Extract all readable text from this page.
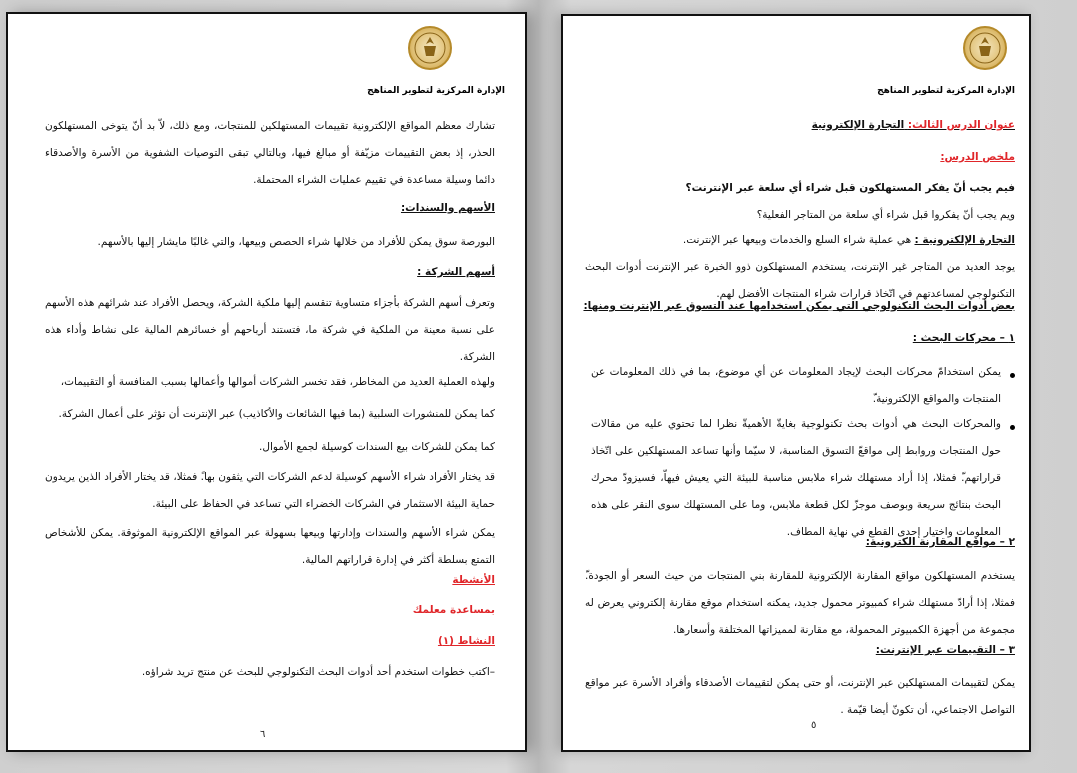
الإدارة المركزية لتطوير المناهج

تشارك معظم المواقع الإلكترونية تقييمات المستهلكين للمنتجات، ومع ذلك، لاّ بد أنّ يتوخى المستهلكون الحذر، إذ بعض التقييمات مزيّفة أو مبالغ فيها، وبالتالي تبقى التوصيات الشفوية من الأسرة والأصدقاء دائما وسيلة مساعدة في تقييم عمليات الشراء المحتملة.

الأسهم والسندات:

البورصة سوق يمكن للأفراد من خلالها شراء الحصص وبيعها، والتي غالبًا مايشار إليها بالأسهم.

أسهم الشركة :

وتعرف أسهم الشركة بأجزاء متساوية تنقسم إليها ملكية الشركة، ويحصل الأفراد عند شرائهم هذه الأسهم على نسبة معينة من الملكية في شركة ما، فتستند أرباحهم أو خسائرهم المالية على نشاط وأداء هذه الشركة.

ولهذه العملية العديد من المخاطر، فقد تخسر الشركات أموالها وأعمالها بسبب المنافسة أو التقييمات،

كما يمكن للمنشورات السلبية (بما فيها الشائعات والأكاذيب) عبر الإنترنت أن تؤثر على أعمال الشركة.

كما يمكن للشركات بيع السندات كوسيلة لجمع الأموال.

قد يختار الأفراد شراء الأسهم كوسيلة لدعم الشركات التي يثقون بها.ً فمثلا، قد يختار الأفراد الذين يريدون حماية البيئة الاستثمار في الشركات الخضراء التي تساعد في الحفاظ على البيئة.

يمكن شراء الأسهم والسندات وإدارتها وبيعها بسهولة عبر المواقع الإلكترونية الموثوقة. يمكن للأشخاص التمتع بسلطة أكثر في إدارة قراراتهم المالية.

الأنشطة
بمساعدة معلمك
النشاط (١)

–اكتب خطوات استخدم أحد أدوات البحث التكنولوجي للبحث عن منتج تريد شراؤه.

٦
الإدارة المركزية لتطوير المناهج
عنوان الدرس الثالث: التجارة الإلكترونية
ملخص الدرس:
فيم يجب أنّ يفكر المستهلكون قبل شراء أي سلعة عبر الإنترنت؟

ويم يجب أنّ يفكروا قبل شراء أي سلعة من المتاجر الفعلية؟

التجارة الإلكترونية : هي عملية شراء السلع والخدمات وبيعها عبر الإنترنت.

يوجد العديد من المتاجر غير الإنترنت، يستخدم المستهلكون ذوو الخبرة عبر الإنترنت أدوات البحث التكنولوجي لمساعدتهم في اتّخاذ قرارات شراء المنتجات الأفضل لهم.

بعض أدوات البحث التكنولوجي التي يمكن استخدامها عند التسوق عبر الإنترنت ومنها:
١ – محركات البحث :

يمكن استخدامّ محركات البحث لإيجاد المعلومات عن أي موضوع، بما في ذلك المعلومات عن المنتجات والمواقع الإلكترونية.ّ

والمحركات البحث هي أدوات بحث تكنولوجية بغايةّ الأهميةّ نظرا لما تحتوي عليه من مقالات حول المنتجات وروابط إلى مواقعّ التسوق المناسبة، لا سيّما وأنها تساعد المستهلكين على اتّخاذ قراراتهم.ّ فمثلا، إذا أراد مستهلك شراء ملابس مناسبة للبيئة التي يعيش فيهاّ، فسيزودّ محرك البحث بنتائج سريعة وبوصف موجزّ لكل قطعة ملابس، وما على المستهلك سوى النقر على هذه المعلومات واختيار إحدى القطع في نهاية المطاف.

٢ – مواقع المقارنة الكترونية:

يستخدم المستهلكون مواقع المقارنة الإلكترونية للمقارنة بني المنتجات من حيث السعر أو الجودة.ّ فمثلا، إذا أرادّ مستهلك شراء كمبيوتر محمول جديد، يمكنه استخدام موقع مقارنة إلكتروني يعرض له مجموعة من أجهزة الكمبيوتر المحمولة، مع مقارنة لمميزاتها المختلفة وأسعارها.

٣ – التقييمات عبر الإنترنت:

يمكن لتقييمات المستهلكين عبر الإنترنت، أو حتى يمكن لتقييمات الأصدقاء وأفراد الأسرة عبر مواقع التواصل الاجتماعي، أن تكونّ أيضا قيّمة .

٥
